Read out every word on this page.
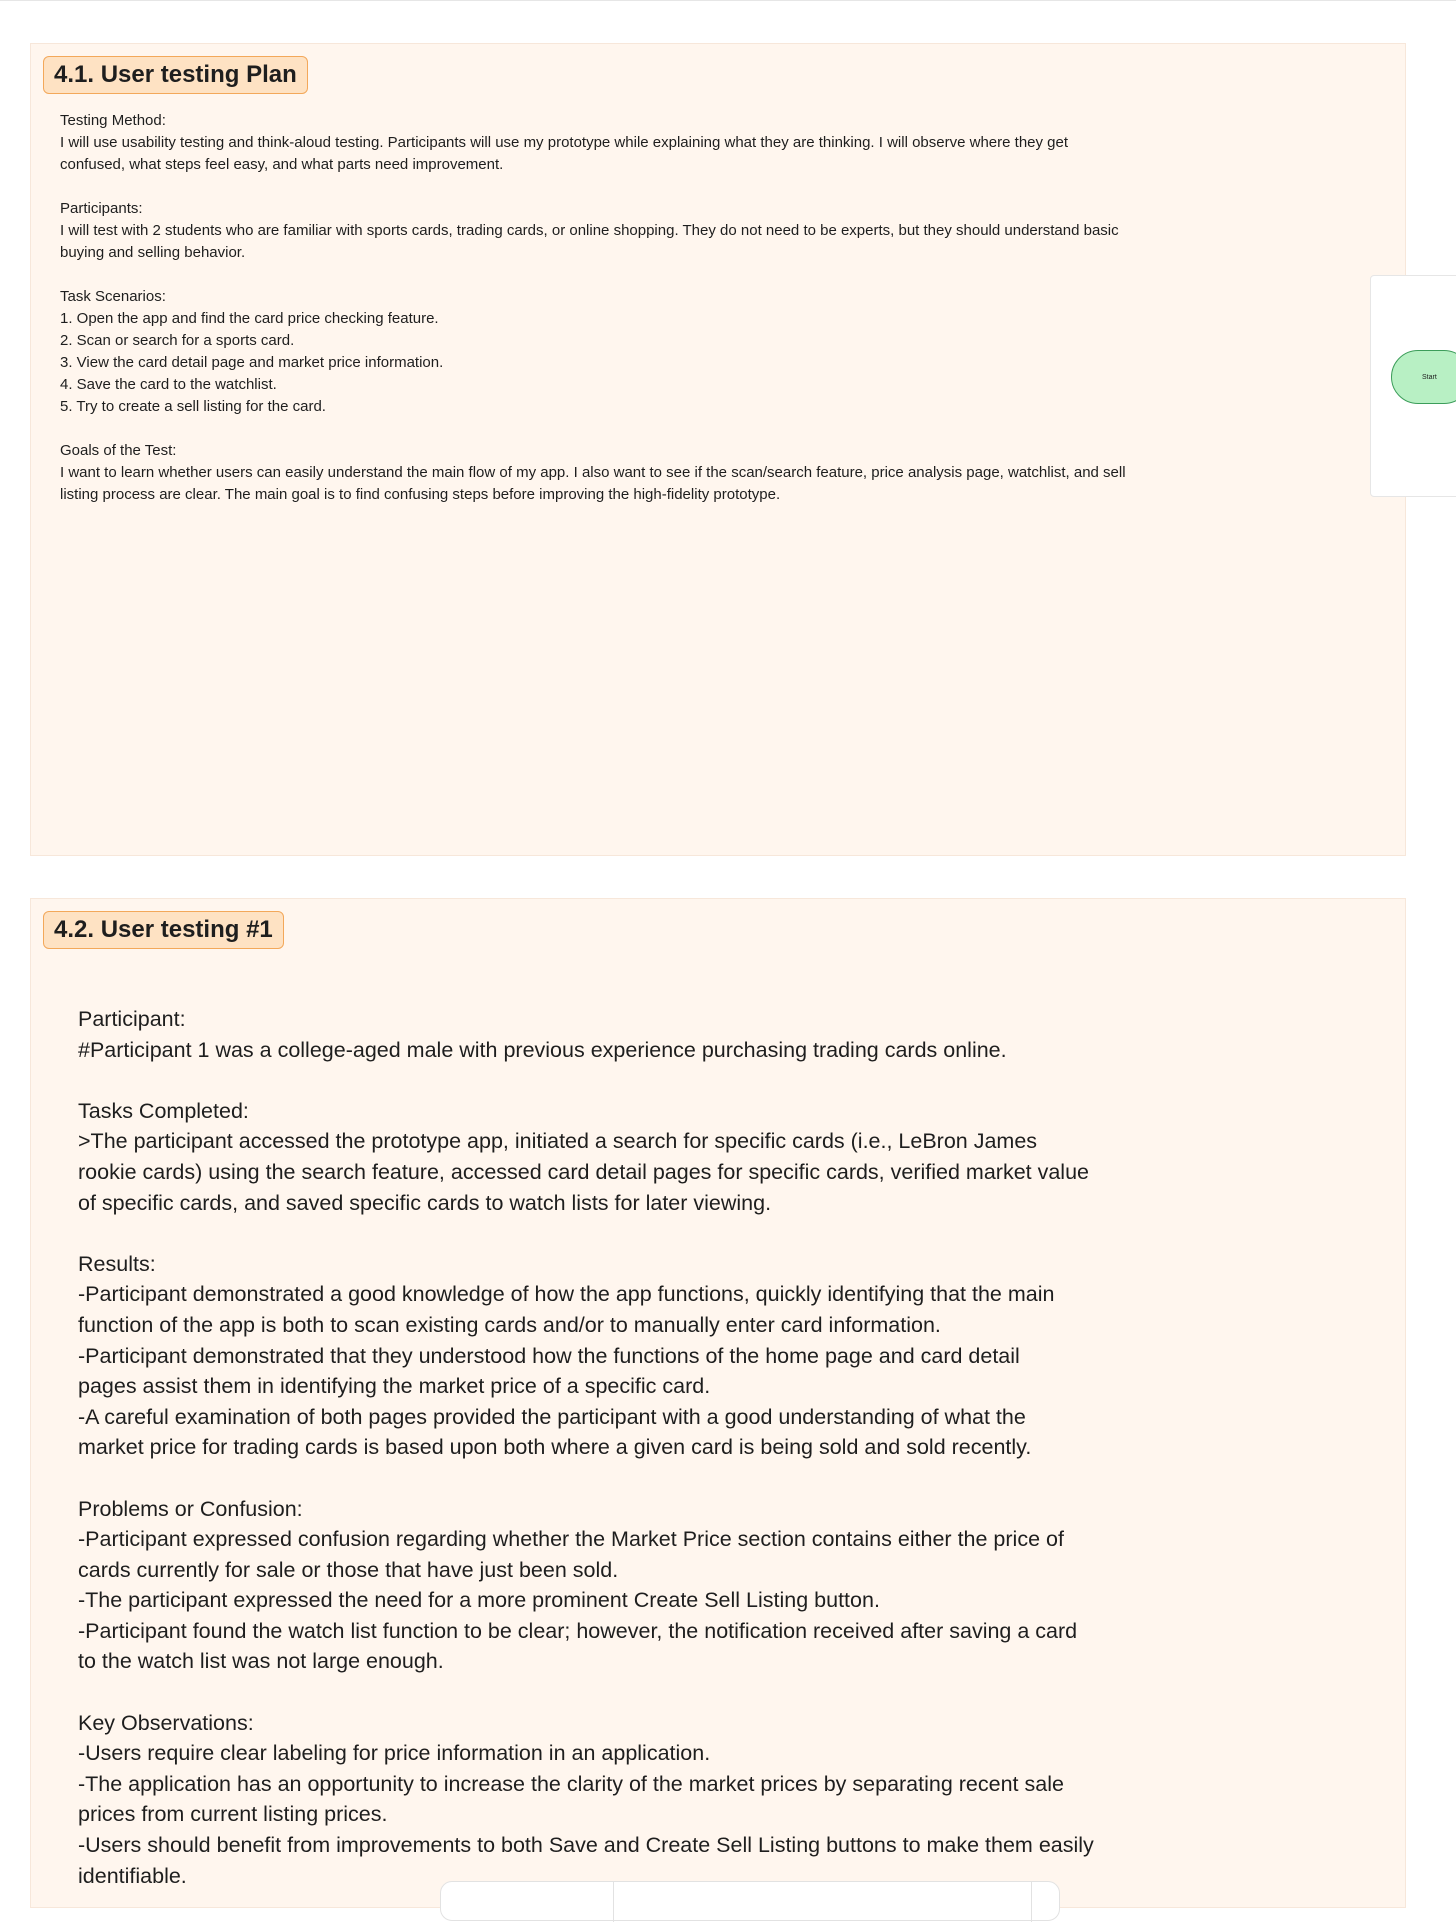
4.1. User testing Plan
Testing Method:
I will use usability testing and think-aloud testing. Participants will use my prototype while explaining what they are thinking. I will observe where they get
confused, what steps feel easy, and what parts need improvement.
Participants:
I will test with 2 students who are familiar with sports cards, trading cards, or online shopping. They do not need to be experts, but they should understand basic
buying and selling behavior.
Task Scenarios:
1. Open the app and find the card price checking feature.
2. Scan or search for a sports card.
3. View the card detail page and market price information.
4. Save the card to the watchlist.
5. Try to create a sell listing for the card.
Goals of the Test:
I want to learn whether users can easily understand the main flow of my app. I also want to see if the scan/search feature, price analysis page, watchlist, and sell
listing process are clear. The main goal is to find confusing steps before improving the high-fidelity prototype.
Start
4.2. User testing #1
Participant:
#Participant 1 was a college-aged male with previous experience purchasing trading cards online.
Tasks Completed:
>The participant accessed the prototype app, initiated a search for specific cards (i.e., LeBron James
rookie cards) using the search feature, accessed card detail pages for specific cards, verified market value
of specific cards, and saved specific cards to watch lists for later viewing.
Results:
-Participant demonstrated a good knowledge of how the app functions, quickly identifying that the main
function of the app is both to scan existing cards and/or to manually enter card information.
-Participant demonstrated that they understood how the functions of the home page and card detail
pages assist them in identifying the market price of a specific card.
-A careful examination of both pages provided the participant with a good understanding of what the
market price for trading cards is based upon both where a given card is being sold and sold recently.
Problems or Confusion:
-Participant expressed confusion regarding whether the Market Price section contains either the price of
cards currently for sale or those that have just been sold.
-The participant expressed the need for a more prominent Create Sell Listing button.
-Participant found the watch list function to be clear; however, the notification received after saving a card
to the watch list was not large enough.
Key Observations:
-Users require clear labeling for price information in an application.
-The application has an opportunity to increase the clarity of the market prices by separating recent sale
prices from current listing prices.
-Users should benefit from improvements to both Save and Create Sell Listing buttons to make them easily
identifiable.
